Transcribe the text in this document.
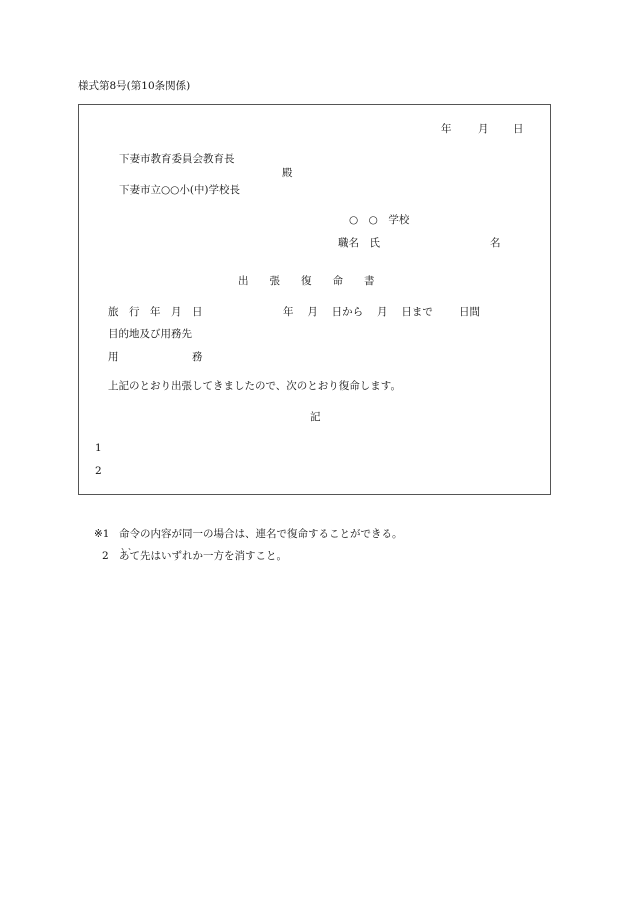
様式第8号(第10条関係)
年	月 日
下妻市教育委員会教育長
殿
下妻市立○○小(中)学校長
○　○　学校
職名　氏	名
出　　張　　復　　命　　書
旅　行　年　月　日	年　 月　 日から　 月　 日まで 日間
目的地及び用務先
用　　　　　　　務
上記のとおり出張してきましたので、次のとおり復命します。
記
1
2
※1 命令の内容が同一の場合は、連名で復命することができる。
、、
2 あて先はいずれか一方を消すこと。
